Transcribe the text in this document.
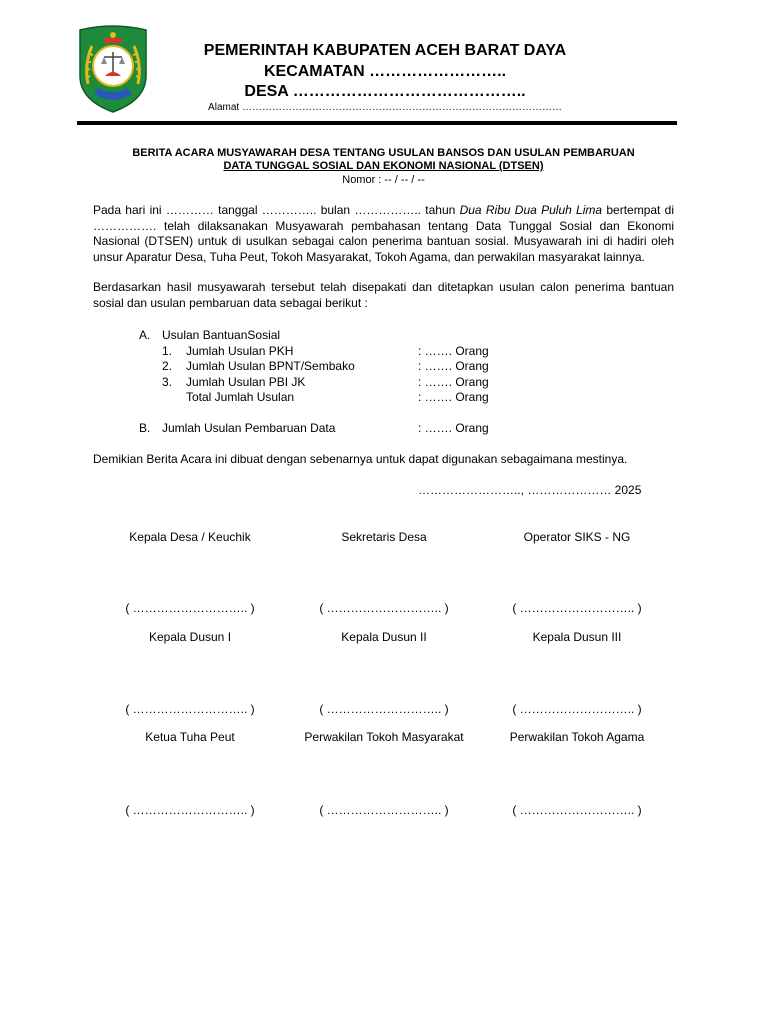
PEMERINTAH KABUPATEN ACEH BARAT DAYA
KECAMATAN ……………………..
DESA ……………………………………..
Alamat ……………………………………………………………………………………
BERITA ACARA MUSYAWARAH DESA TENTANG USULAN BANSOS DAN USULAN PEMBARUAN
DATA TUNGGAL SOSIAL DAN EKONOMI NASIONAL (DTSEN)
Nomor : -- / -- / --
Pada hari ini ………… tanggal ………….. bulan …………….. tahun Dua Ribu Dua Puluh Lima bertempat di ……………. telah dilaksanakan Musyawarah pembahasan tentang Data Tunggal Sosial dan Ekonomi Nasional (DTSEN) untuk di usulkan sebagai calon penerima bantuan sosial. Musyawarah ini di hadiri oleh unsur Aparatur Desa, Tuha Peut, Tokoh Masyarakat, Tokoh Agama, dan perwakilan masyarakat lainnya.
Berdasarkan hasil musyawarah tersebut telah disepakati dan ditetapkan usulan calon penerima bantuan sosial dan usulan pembaruan data sebagai berikut :
A. Usulan BantuanSosial
1. Jumlah Usulan PKH	: ……. Orang
2. Jumlah Usulan BPNT/Sembako	: ……. Orang
3. Jumlah Usulan PBI JK	: ……. Orang
Total Jumlah Usulan	: ……. Orang
B. Jumlah Usulan Pembaruan Data	: ……. Orang
Demikian Berita Acara ini dibuat dengan sebenarnya untuk dapat digunakan sebagaimana mestinya.
…………………….., ………………… 2025
Kepala Desa / Keuchik	Sekretaris Desa	Operator SIKS - NG
( ……………………….. )	( ……………………….. )	( ……………………….. )
Kepala Dusun I	Kepala Dusun II	Kepala Dusun III
( ……………………….. )	( ……………………….. )	( ……………………….. )
Ketua Tuha Peut	Perwakilan Tokoh Masyarakat	Perwakilan Tokoh Agama
( ……………………….. )	( ……………………….. )	( ……………………….. )
